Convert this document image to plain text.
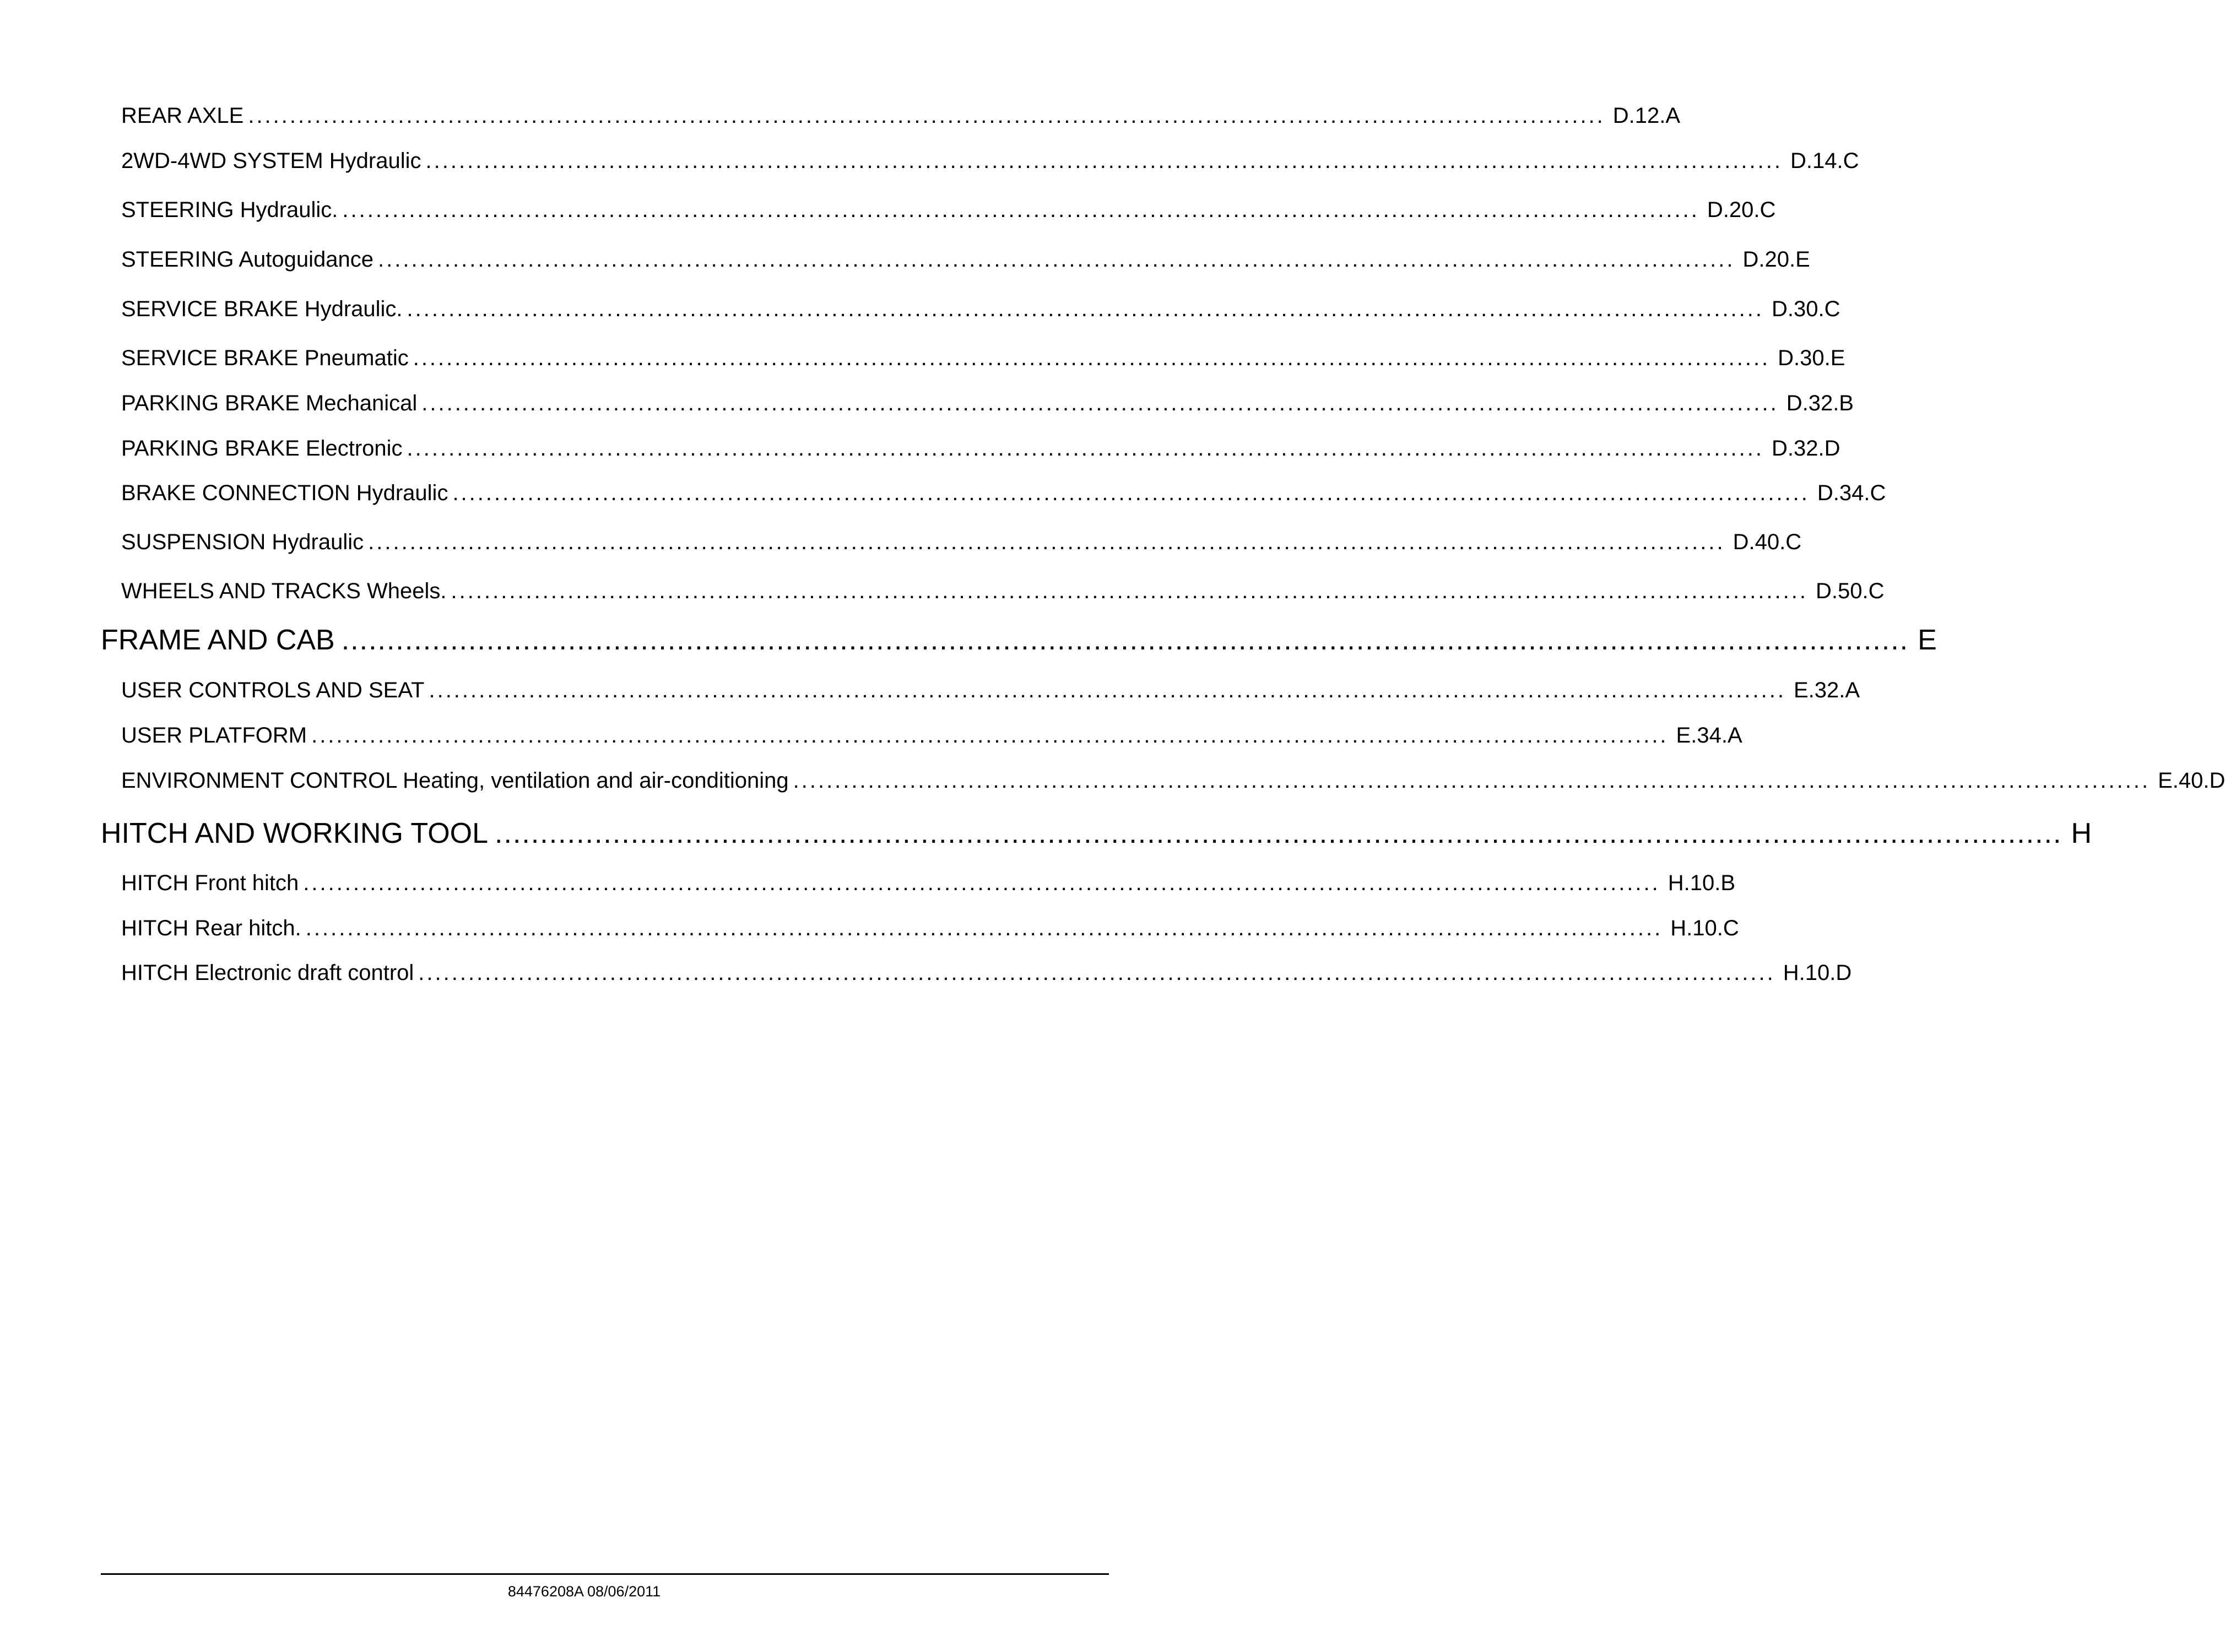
REAR AXLE ................................................................................................................................................................... D.12.A
2WD-4WD SYSTEM Hydraulic ................................................................................................................................................................... D.14.C
STEERING Hydraulic. ................................................................................................................................................................... D.20.C
STEERING Autoguidance ................................................................................................................................................................... D.20.E
SERVICE BRAKE Hydraulic. ................................................................................................................................................................... D.30.C
SERVICE BRAKE Pneumatic ................................................................................................................................................................... D.30.E
PARKING BRAKE Mechanical ................................................................................................................................................................... D.32.B
PARKING BRAKE Electronic ................................................................................................................................................................... D.32.D
BRAKE CONNECTION Hydraulic ................................................................................................................................................................... D.34.C
SUSPENSION Hydraulic ................................................................................................................................................................... D.40.C
WHEELS AND TRACKS Wheels. ................................................................................................................................................................... D.50.C
FRAME AND CAB ............................................................................................................................................................................. E
USER CONTROLS AND SEAT ................................................................................................................................................................... E.32.A
USER PLATFORM ................................................................................................................................................................... E.34.A
ENVIRONMENT CONTROL Heating, ventilation and air-conditioning ................................................................................................................................................................... E.40.D
HITCH AND WORKING TOOL ............................................................................................................................................................................. H
HITCH Front hitch ................................................................................................................................................................... H.10.B
HITCH Rear hitch. ................................................................................................................................................................... H.10.C
HITCH Electronic draft control ................................................................................................................................................................... H.10.D
84476208A 08/06/2011
